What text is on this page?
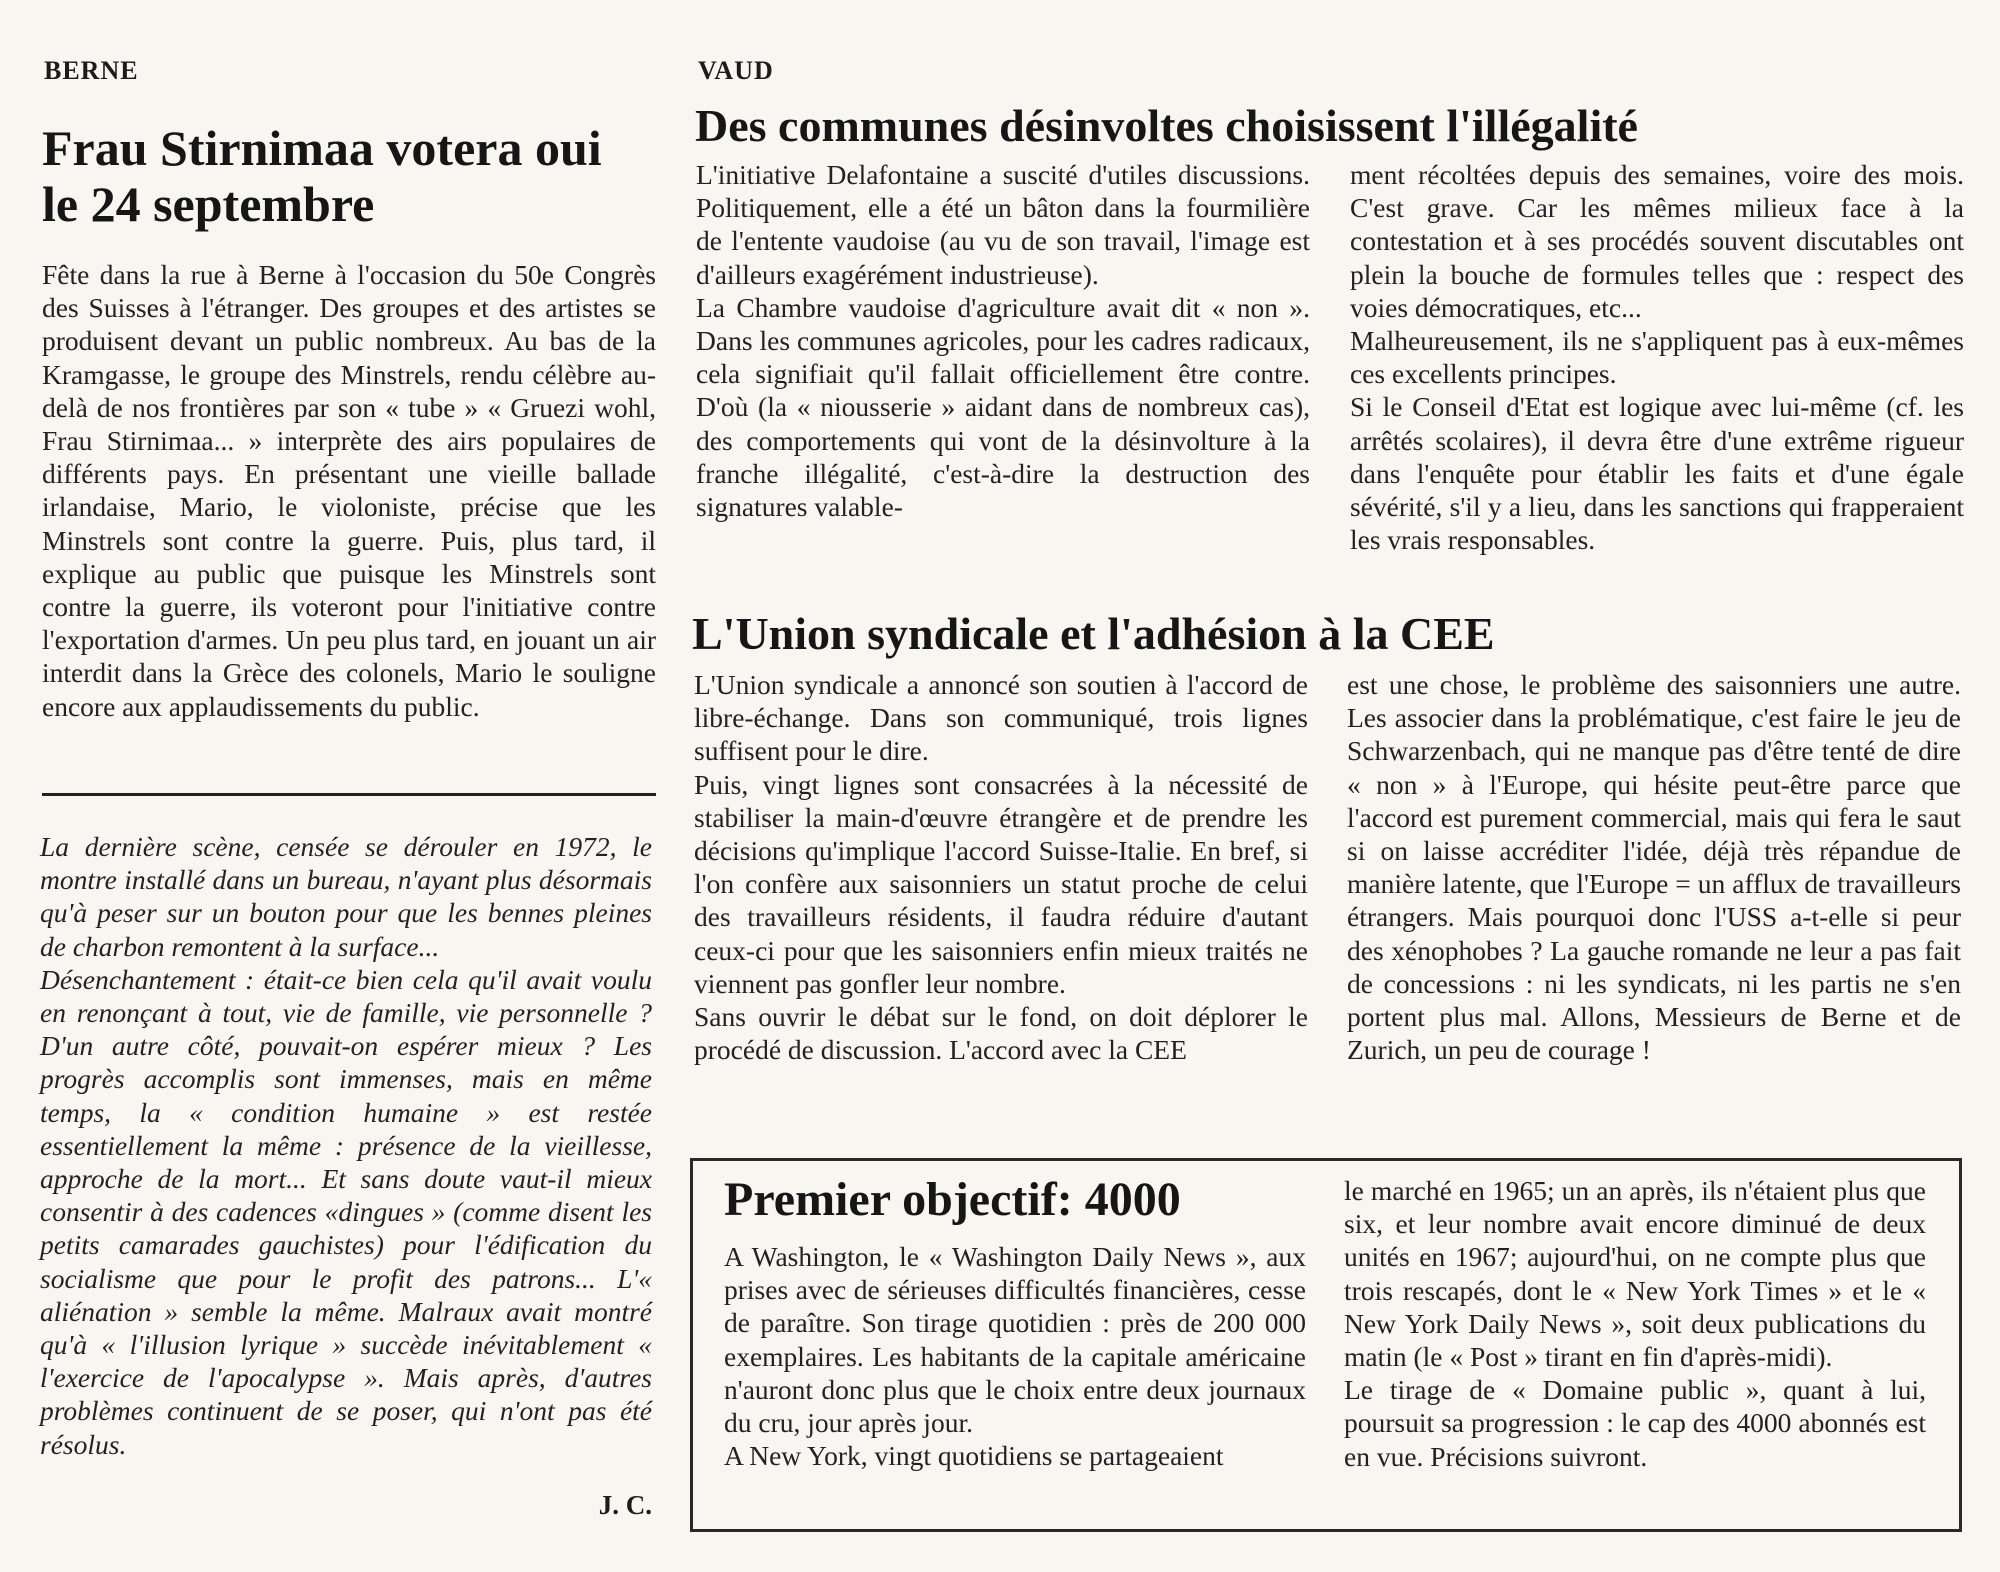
BERNE
Frau Stirnimaa votera oui
le 24 septembre

Fête dans la rue à Berne à l'occasion du 50e Congrès des Suisses à l'étranger. Des groupes et des artistes se produisent devant un public nombreux. Au bas de la Kramgasse, le groupe des Minstrels, rendu célèbre au-delà de nos frontières par son « tube » « Gruezi wohl, Frau Stirnimaa... » interprète des airs populaires de différents pays. En présentant une vieille ballade irlandaise, Mario, le violoniste, précise que les Minstrels sont contre la guerre. Puis, plus tard, il explique au public que puisque les Minstrels sont contre la guerre, ils voteront pour l'initiative contre l'exportation d'armes. Un peu plus tard, en jouant un air interdit dans la Grèce des colonels, Mario le souligne encore aux applaudissements du public.

La dernière scène, censée se dérouler en 1972, le montre installé dans un bureau, n'ayant plus désormais qu'à peser sur un bouton pour que les bennes pleines de charbon remontent à la surface...

Désenchantement : était-ce bien cela qu'il avait voulu en renonçant à tout, vie de famille, vie personnelle ? D'un autre côté, pouvait-on espérer mieux ? Les progrès accomplis sont immenses, mais en même temps, la « condition humaine » est restée essentiellement la même : présence de la vieillesse, approche de la mort... Et sans doute vaut-il mieux consentir à des cadences «dingues » (comme disent les petits camarades gauchistes) pour l'édification du socialisme que pour le profit des patrons... L'« aliénation » semble la même. Malraux avait montré qu'à « l'illusion lyrique » succède inévitablement « l'exercice de l'apocalypse ». Mais après, d'autres problèmes continuent de se poser, qui n'ont pas été résolus.

J. C.
VAUD
Des communes désinvoltes choisissent l'illégalité

L'initiative Delafontaine a suscité d'utiles discussions. Politiquement, elle a été un bâton dans la fourmilière de l'entente vaudoise (au vu de son travail, l'image est d'ailleurs exagérément industrieuse).

La Chambre vaudoise d'agriculture avait dit « non ». Dans les communes agricoles, pour les cadres radicaux, cela signifiait qu'il fallait officiellement être contre. D'où (la « niousserie » aidant dans de nombreux cas), des comportements qui vont de la désinvolture à la franche illégalité, c'est-à-dire la destruction des signatures valable-

ment récoltées depuis des semaines, voire des mois. C'est grave. Car les mêmes milieux face à la contestation et à ses procédés souvent discutables ont plein la bouche de formules telles que : respect des voies démocratiques, etc...

Malheureusement, ils ne s'appliquent pas à eux-mêmes ces excellents principes.

Si le Conseil d'Etat est logique avec lui-même (cf. les arrêtés scolaires), il devra être d'une extrême rigueur dans l'enquête pour établir les faits et d'une égale sévérité, s'il y a lieu, dans les sanctions qui frapperaient les vrais responsables.

L'Union syndicale et l'adhésion à la CEE

L'Union syndicale a annoncé son soutien à l'accord de libre-échange. Dans son communiqué, trois lignes suffisent pour le dire.

Puis, vingt lignes sont consacrées à la nécessité de stabiliser la main-d'œuvre étrangère et de prendre les décisions qu'implique l'accord Suisse-Italie. En bref, si l'on confère aux saisonniers un statut proche de celui des travailleurs résidents, il faudra réduire d'autant ceux-ci pour que les saisonniers enfin mieux traités ne viennent pas gonfler leur nombre.

Sans ouvrir le débat sur le fond, on doit déplorer le procédé de discussion. L'accord avec la CEE

est une chose, le problème des saisonniers une autre. Les associer dans la problématique, c'est faire le jeu de Schwarzenbach, qui ne manque pas d'être tenté de dire « non » à l'Europe, qui hésite peut-être parce que l'accord est purement commercial, mais qui fera le saut si on laisse accréditer l'idée, déjà très répandue de manière latente, que l'Europe = un afflux de travailleurs étrangers. Mais pourquoi donc l'USS a-t-elle si peur des xénophobes ? La gauche romande ne leur a pas fait de concessions : ni les syndicats, ni les partis ne s'en portent plus mal. Allons, Messieurs de Berne et de Zurich, un peu de courage !

Premier objectif: 4000

A Washington, le « Washington Daily News », aux prises avec de sérieuses difficultés financières, cesse de paraître. Son tirage quotidien : près de 200 000 exemplaires. Les habitants de la capitale américaine n'auront donc plus que le choix entre deux journaux du cru, jour après jour.

A New York, vingt quotidiens se partageaient

le marché en 1965; un an après, ils n'étaient plus que six, et leur nombre avait encore diminué de deux unités en 1967; aujourd'hui, on ne compte plus que trois rescapés, dont le « New York Times » et le « New York Daily News », soit deux publications du matin (le « Post » tirant en fin d'après-midi).

Le tirage de « Domaine public », quant à lui, poursuit sa progression : le cap des 4000 abonnés est en vue. Précisions suivront.
